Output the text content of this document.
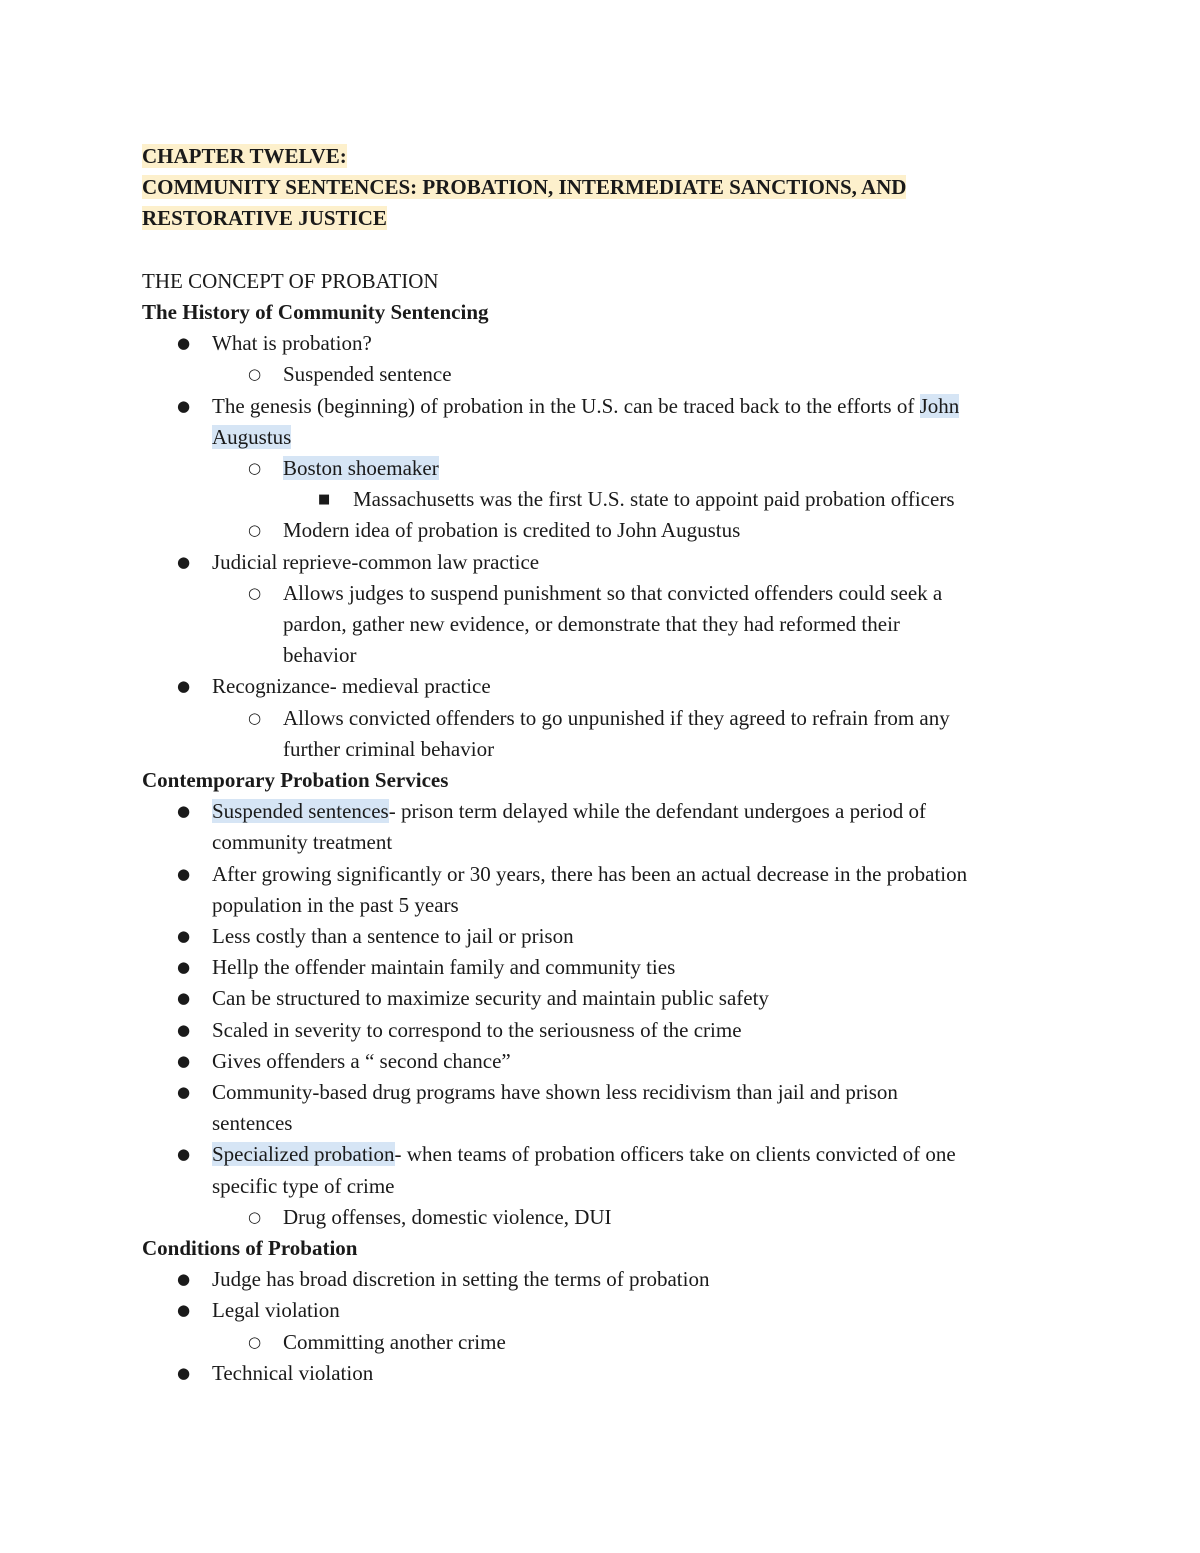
CHAPTER TWELVE:
COMMUNITY SENTENCES: PROBATION, INTERMEDIATE SANCTIONS, AND
RESTORATIVE JUSTICE
THE CONCEPT OF PROBATION
The History of Community Sentencing
● What is probation?
○ Suspended sentence
● The genesis (beginning) of probation in the U.S. can be traced back to the efforts of John
Augustus
○ Boston shoemaker
■ Massachusetts was the first U.S. state to appoint paid probation officers
○ Modern idea of probation is credited to John Augustus
● Judicial reprieve-common law practice
○ Allows judges to suspend punishment so that convicted offenders could seek a
pardon, gather new evidence, or demonstrate that they had reformed their
behavior
● Recognizance- medieval practice
○ Allows convicted offenders to go unpunished if they agreed to refrain from any
further criminal behavior
Contemporary Probation Services
● Suspended sentences- prison term delayed while the defendant undergoes a period of
community treatment
● After growing significantly or 30 years, there has been an actual decrease in the probation
population in the past 5 years
● Less costly than a sentence to jail or prison
● Hellp the offender maintain family and community ties
● Can be structured to maximize security and maintain public safety
● Scaled in severity to correspond to the seriousness of the crime
● Gives offenders a “ second chance”
● Community-based drug programs have shown less recidivism than jail and prison
sentences
● Specialized probation- when teams of probation officers take on clients convicted of one
specific type of crime
○ Drug offenses, domestic violence, DUI
Conditions of Probation
● Judge has broad discretion in setting the terms of probation
● Legal violation
○ Committing another crime
● Technical violation
